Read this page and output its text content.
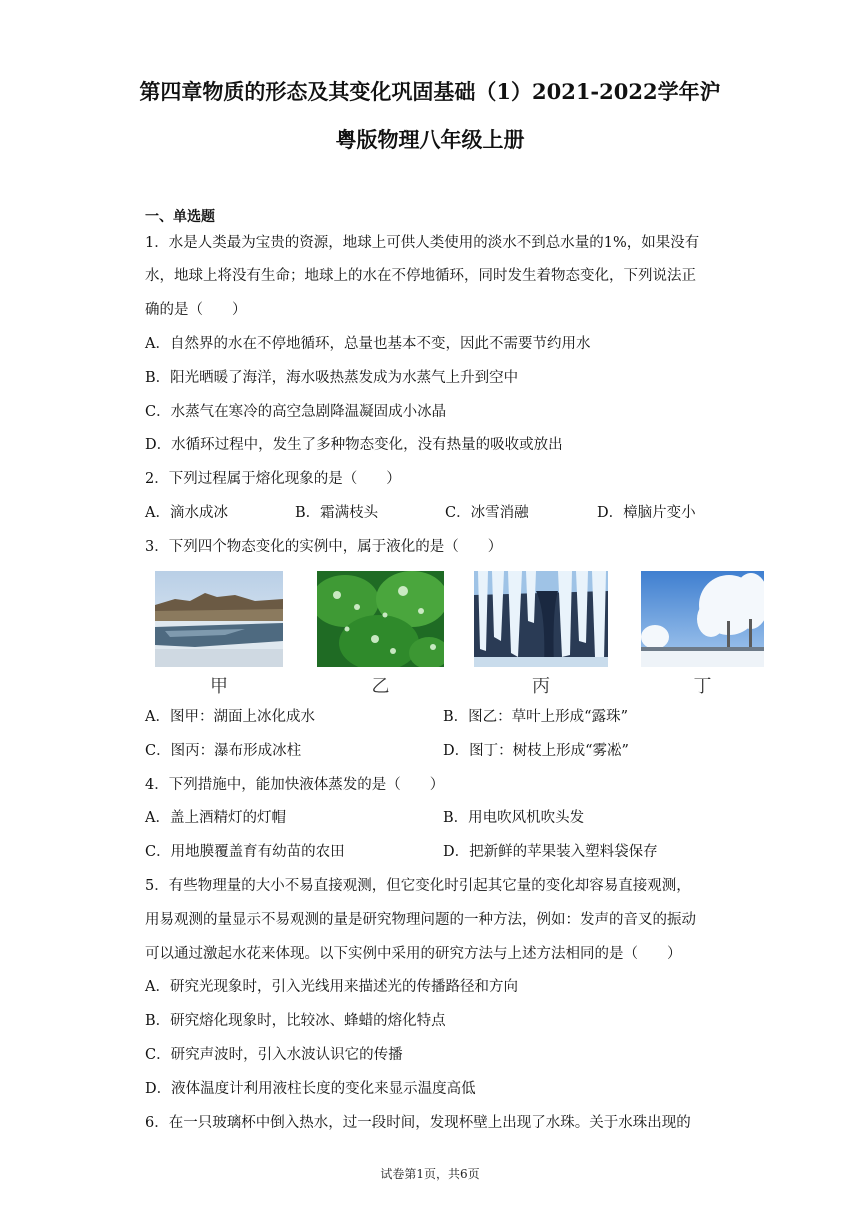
第四章物质的形态及其变化巩固基础（1）2021-2022学年沪
粤版物理八年级上册
一、单选题
1．水是人类最为宝贵的资源，地球上可供人类使用的淡水不到总水量的1%，如果没有
水，地球上将没有生命；地球上的水在不停地循环，同时发生着物态变化，下列说法正
确的是（　　）
A．自然界的水在不停地循环，总量也基本不变，因此不需要节约用水
B．阳光晒暖了海洋，海水吸热蒸发成为水蒸气上升到空中
C．水蒸气在寒冷的高空急剧降温凝固成小冰晶
D．水循环过程中，发生了多种物态变化，没有热量的吸收或放出
2．下列过程属于熔化现象的是（　　）
A．滴水成冰	B．霜满枝头	C．冰雪消融	D．樟脑片变小
3．下列四个物态变化的实例中，属于液化的是（　　）
甲	乙	丙	丁
A．图甲：湖面上冰化成水	B．图乙：草叶上形成“露珠”
C．图丙：瀑布形成冰柱	D．图丁：树枝上形成“雾凇”
4．下列措施中，能加快液体蒸发的是（　　）
A．盖上酒精灯的灯帽	B．用电吹风机吹头发
C．用地膜覆盖育有幼苗的农田	D．把新鲜的苹果装入塑料袋保存
5．有些物理量的大小不易直接观测，但它变化时引起其它量的变化却容易直接观测，
用易观测的量显示不易观测的量是研究物理问题的一种方法，例如：发声的音叉的振动
可以通过激起水花来体现。以下实例中采用的研究方法与上述方法相同的是（　　）
A．研究光现象时，引入光线用来描述光的传播路径和方向
B．研究熔化现象时，比较冰、蜂蜡的熔化特点
C．研究声波时，引入水波认识它的传播
D．液体温度计利用液柱长度的变化来显示温度高低
6．在一只玻璃杯中倒入热水，过一段时间，发现杯壁上出现了水珠。关于水珠出现的
试卷第1页，共6页
